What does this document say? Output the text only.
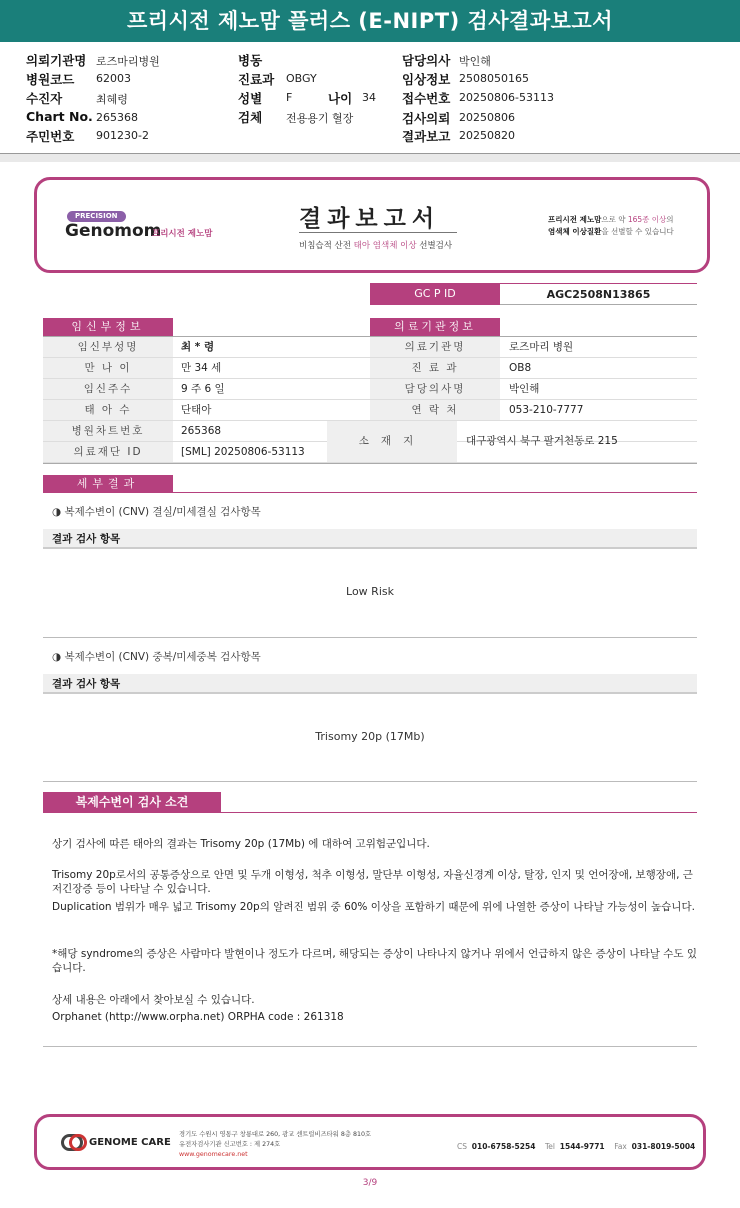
프리시전 제노맘 플러스 (E-NIPT) 검사결과보고서
의뢰기관명 로즈마리병원
병원코드 62003
수진자	최혜령
Chart No. 265368
주민번호 901230-2
병동
진료과 OBGY
성별 F	나이 34
검체 전용용기 혈장
담당의사 박인해
임상정보 2508050165
접수번호 20250806-53113
검사의뢰 20250806
결과보고 20250820
PRECISION
Genomom
프리시전 제노맘
결과보고서
비침습적 산전 태아 염색체 이상 선별검사
프리시전 제노맘으로 약 165종 이상의
염색체 이상질환을 선별할 수 있습니다
GC P ID	AGC2508N13865
임신부정보	의료기관정보
임신부성명	최 * 령	의료기관명	로즈마리 병원
만 나 이	만 34 세	진 료 과	OB8
임신주수	9 주 6 일	담당의사명	박인해
태 아 수	단태아	연 락 처	053-210-7777
병원차트번호	265368
의료재단 ID	[SML] 20250806-53113
소재지	대구광역시 북구 팔거천동로 215
세부결과
◑ 복제수변이 (CNV) 결실/미세결실 검사항목
결과 검사 항목
Low Risk
◑ 복제수변이 (CNV) 중복/미세중복 검사항목
결과 검사 항목
Trisomy 20p (17Mb)
복제수변이 검사 소견
상기 검사에 따른 태아의 결과는 Trisomy 20p (17Mb) 에 대하여 고위험군입니다.
Trisomy 20p로서의 공통증상으로 안면 및 두개 이형성, 척추 이형성, 말단부 이형성, 자율신경계 이상, 탈장, 인지 및 언어장애, 보행장애, 근저긴장증 등이 나타날 수 있습니다.
Duplication 범위가 매우 넓고 Trisomy 20p의 알려진 범위 중 60% 이상을 포함하기 때문에 위에 나열한 증상이 나타날 가능성이 높습니다.
*해당 syndrome의 증상은 사람마다 발현이나 정도가 다르며, 해당되는 증상이 나타나지 않거나 위에서 언급하지 않은 증상이 나타날 수도 있습니다.
상세 내용은 아래에서 찾아보실 수 있습니다.
Orphanet (http://www.orpha.net) ORPHA code : 261318
GENOME CARE
경기도 수원시 영통구 창룡대로 260, 광교 센트럴비즈타워 8층 810호
유전자검사기관 신고번호 : 제 274호
www.genomecare.net
CS 010-6758-5254 Tel 1544-9771 Fax 031-8019-5004
3/9
